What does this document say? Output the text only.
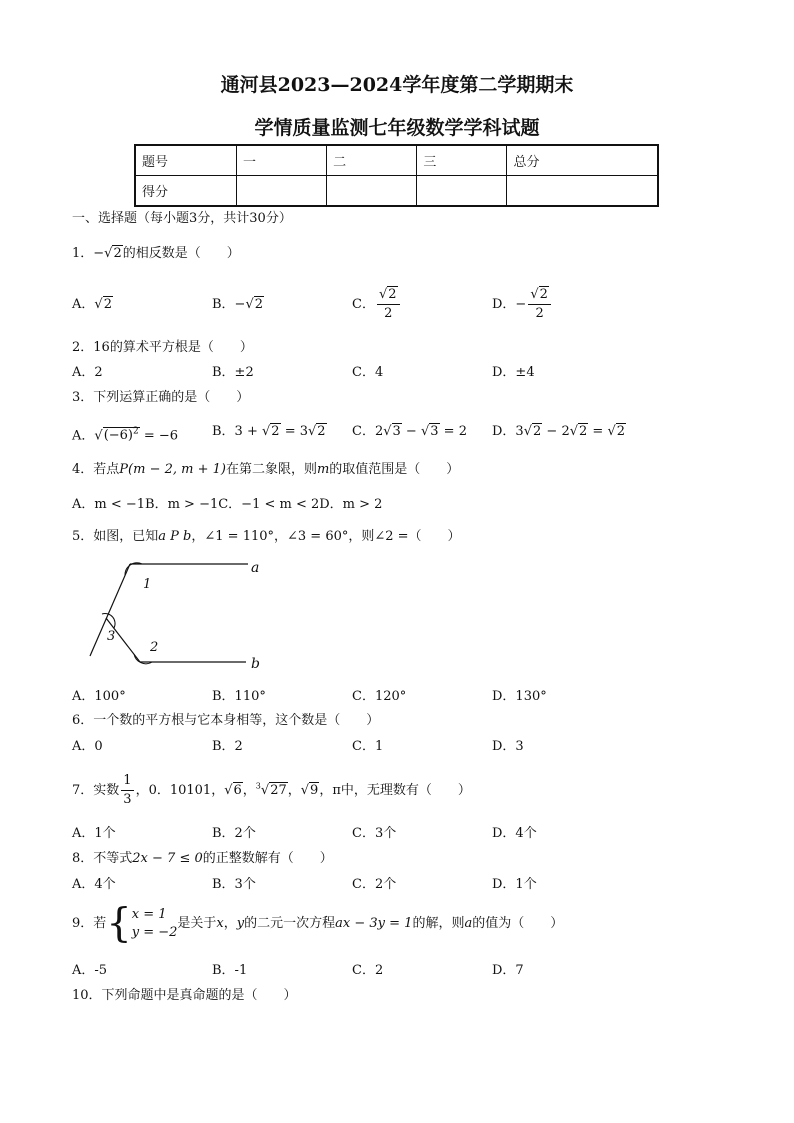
通河县2023—2024学年度第二学期期末
学情质量监测七年级数学学科试题
题号	一	二	三	总分
得分				
一、选择题（每小题3分，共计30分）
1．−√2的相反数是（　　）
A．√2	B．−√2	C． $\frac{√2}{2}$	D．− $\frac{√2}{2}$
2．16的算术平方根是（　　）
A．2	B．±2	C．4	D．±4
3．下列运算正确的是（　　）
A．$√(-6)^2 = -6$	B．3 + √2 = 3√2 C．2√3 − √3 = 2 D．3√2 − 2√2 = √2
4．若点P(m − 2, m + 1)在第二象限，则m的取值范围是（　　）
A．m < −1B．m > −1C．−1 < m < 2D．m > 2
5．如图，已知a P b，∠1 = 110°，∠3 = 60°，则∠2 =（　　）
a
b
1
3
2
A．100°	B．110°	C．120°	D．130°
6．一个数的平方根与它本身相等，这个数是（　　）
A．0	B．2	C．1	D．3
7．实数 $\frac{1}{3}$ ，0．10101，√6，$^3$√27，√9，π中，无理数有（　　）
A．1个	B．2个	C．3个	D．4个
8．不等式2x − 7 ≤ 0的正整数解有（　　）
A．4个	B．3个	C．2个	D．1个
9．若{ x = 1
y = −2
是关于x，y的二元一次方程ax − 3y = 1的解，则a的值为（　　）
A．-5	B．-1	C．2	D．7
10．下列命题中是真命题的是（　　）
